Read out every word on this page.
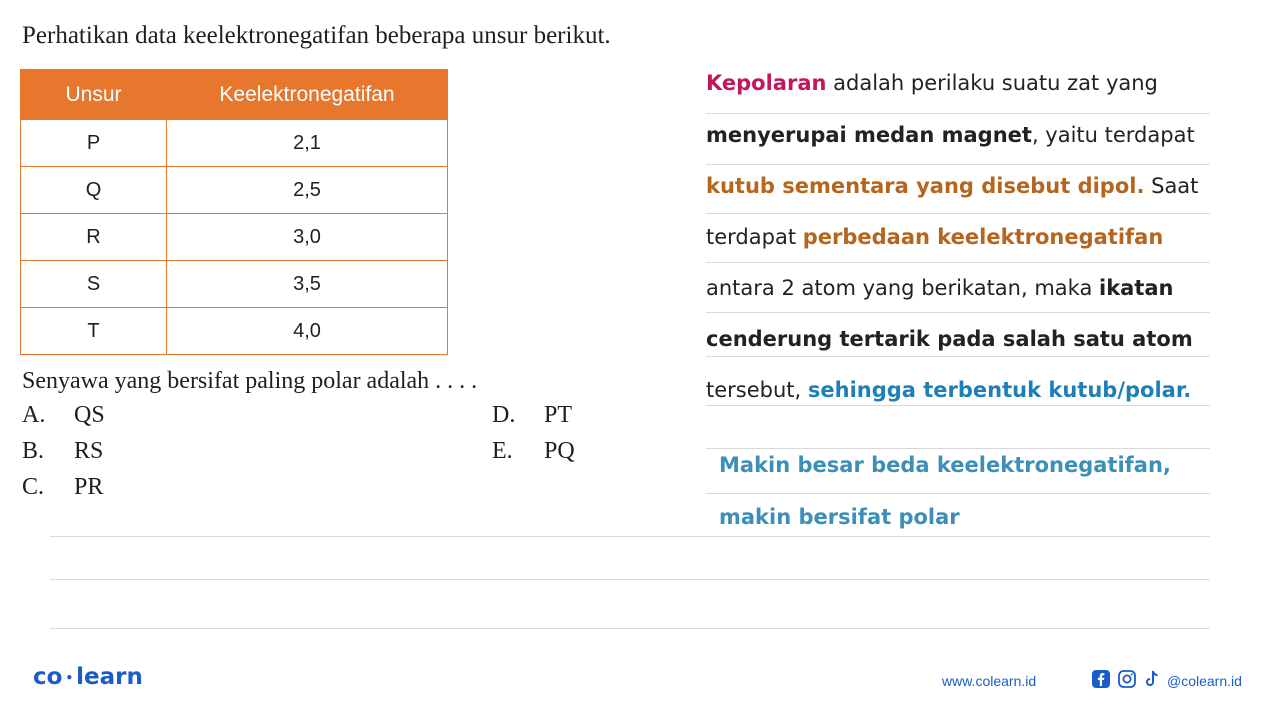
Perhatikan data keelektronegatifan beberapa unsur berikut.
Unsur	Keelektronegatifan
P	2,1
Q	2,5
R	3,0
S	3,5
T	4,0
Senyawa yang bersifat paling polar adalah . . . .
A. QS
B. RS
C. PR
D. PT
E. PQ
Kepolaran adalah perilaku suatu zat yang
menyerupai medan magnet, yaitu terdapat
kutub sementara yang disebut dipol. Saat
terdapat perbedaan keelektronegatifan
antara 2 atom yang berikatan, maka ikatan
cenderung tertarik pada salah satu atom
tersebut, sehingga terbentuk kutub/polar.
Makin besar beda keelektronegatifan,
makin bersifat polar
co • learn	www.colearn.id	@colearn.id
